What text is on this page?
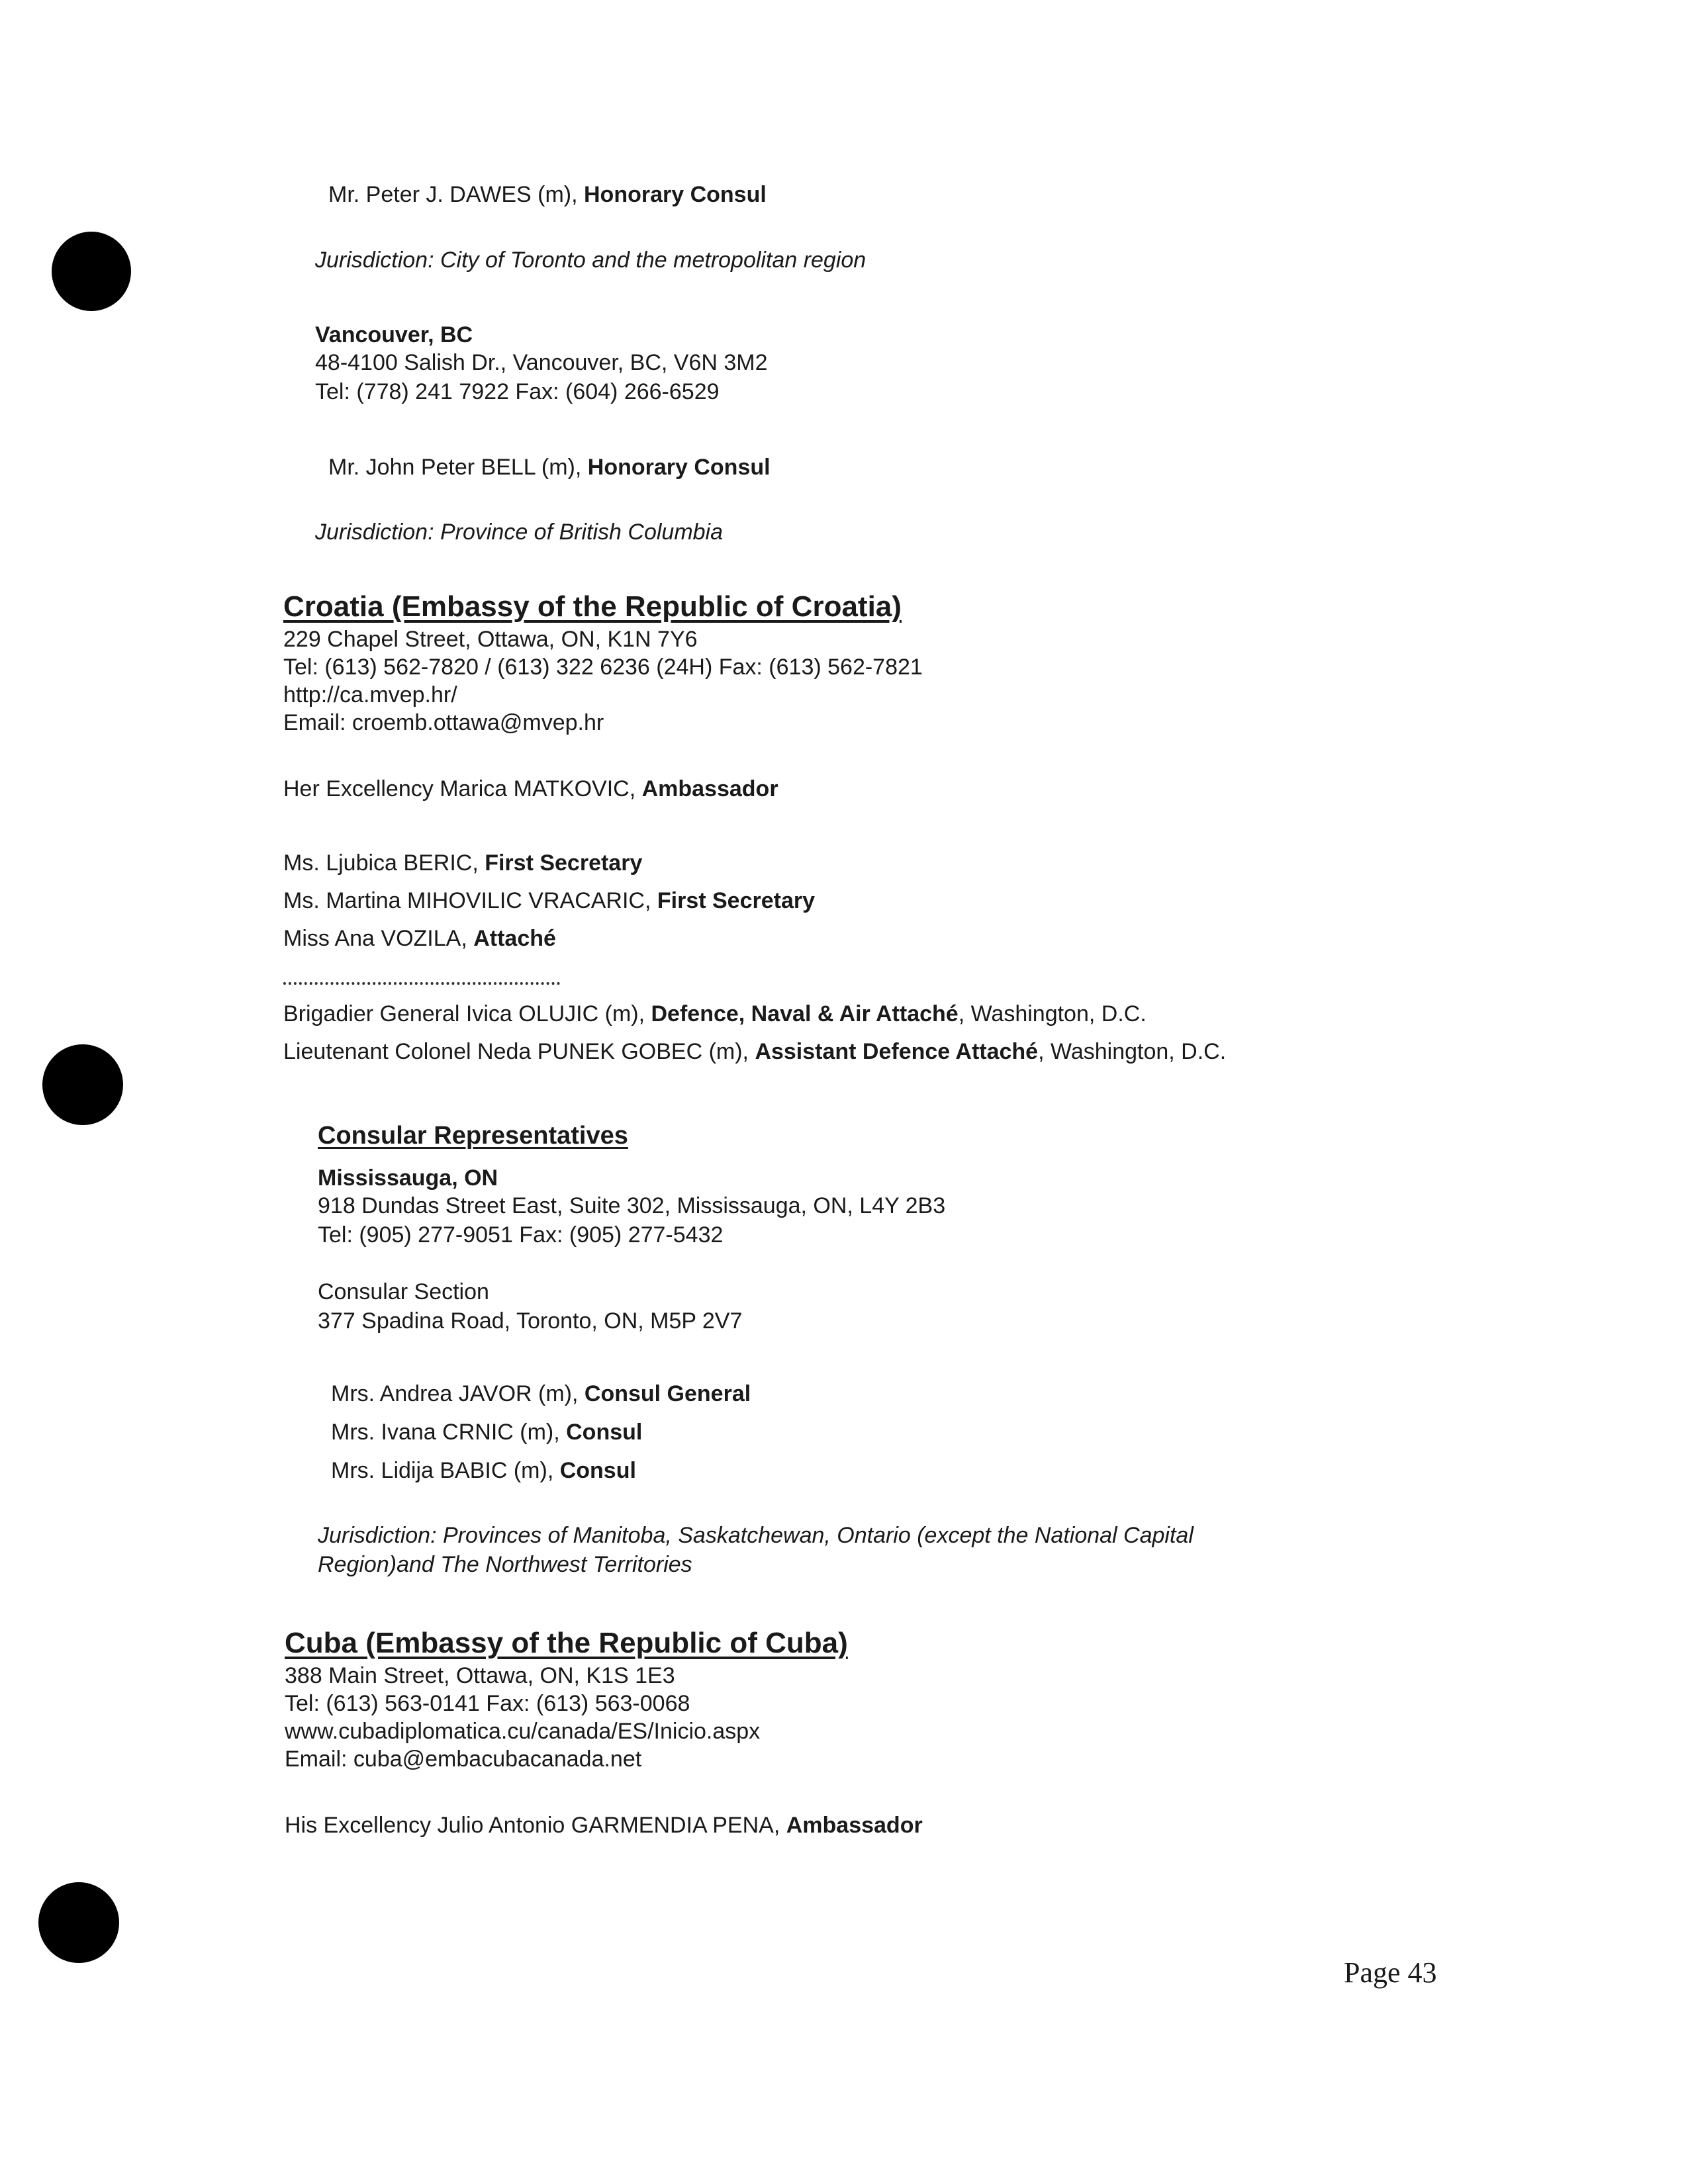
Mr. Peter J. DAWES (m), Honorary Consul

Jurisdiction: City of Toronto and the metropolitan region

Vancouver, BC

48-4100 Salish Dr., Vancouver, BC, V6N 3M2

Tel: (778) 241 7922 Fax: (604) 266-6529

Mr. John Peter BELL (m), Honorary Consul

Jurisdiction: Province of British Columbia

Croatia (Embassy of the Republic of Croatia)

229 Chapel Street, Ottawa, ON, K1N 7Y6

Tel: (613) 562-7820 / (613) 322 6236 (24H) Fax: (613) 562-7821

http://ca.mvep.hr/

Email: croemb.ottawa@mvep.hr

Her Excellency Marica MATKOVIC, Ambassador

Ms. Ljubica BERIC, First Secretary

Ms. Martina MIHOVILIC VRACARIC, First Secretary

Miss Ana VOZILA, Attaché

Brigadier General Ivica OLUJIC (m), Defence, Naval & Air Attaché, Washington, D.C.

Lieutenant Colonel Neda PUNEK GOBEC (m), Assistant Defence Attaché, Washington, D.C.

Consular Representatives

Mississauga, ON

918 Dundas Street East, Suite 302, Mississauga, ON, L4Y 2B3

Tel: (905) 277-9051 Fax: (905) 277-5432

Consular Section

377 Spadina Road, Toronto, ON, M5P 2V7

Mrs. Andrea JAVOR (m), Consul General

Mrs. Ivana CRNIC (m), Consul

Mrs. Lidija BABIC (m), Consul

Jurisdiction: Provinces of Manitoba, Saskatchewan, Ontario (except the National Capital

Region)and The Northwest Territories

Cuba (Embassy of the Republic of Cuba)

388 Main Street, Ottawa, ON, K1S 1E3

Tel: (613) 563-0141 Fax: (613) 563-0068

www.cubadiplomatica.cu/canada/ES/Inicio.aspx

Email: cuba@embacubacanada.net

His Excellency Julio Antonio GARMENDIA PENA, Ambassador

Page 43
